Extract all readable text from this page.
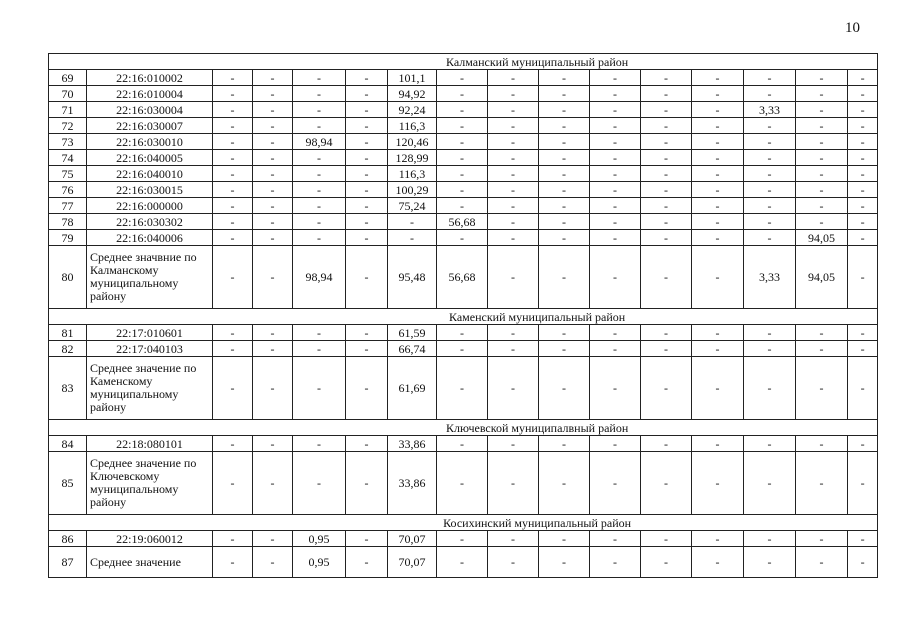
10
Калманский муниципальный район															
69	22:16:010002	-	-	-	-	101,1	-	-	-	-	-	-	-	-	-
70	22:16:010004	-	-	-	-	94,92	-	-	-	-	-	-	-	-	-
71	22:16:030004	-	-	-	-	92,24	-	-	-	-	-	-	3,33	-	-
72	22:16:030007	-	-	-	-	116,3	-	-	-	-	-	-	-	-	-
73	22:16:030010	-	-	98,94	-	120,46	-	-	-	-	-	-	-	-	-
74	22:16:040005	-	-	-	-	128,99	-	-	-	-	-	-	-	-	-
75	22:16:040010	-	-	-	-	116,3	-	-	-	-	-	-	-	-	-
76	22:16:030015	-	-	-	-	100,29	-	-	-	-	-	-	-	-	-
77	22:16:000000	-	-	-	-	75,24	-	-	-	-	-	-	-	-	-
78	22:16:030302	-	-	-	-	-	56,68	-	-	-	-	-	-	-	-
79	22:16:040006	-	-	-	-	-	-	-	-	-	-	-	-	94,05	-
80	Среднее значвние по Калманскому муниципальному району	-	-	98,94	-	95,48	56,68	-	-	-	-	-	3,33	94,05	-
Каменский муниципальный район															
81	22:17:010601	-	-	-	-	61,59	-	-	-	-	-	-	-	-	-
82	22:17:040103	-	-	-	-	66,74	-	-	-	-	-	-	-	-	-
83	Среднее значение по Каменскому муниципальному району	-	-	-	-	61,69	-	-	-	-	-	-	-	-	-
Ключевской муниципалвный район															
84	22:18:080101	-	-	-	-	33,86	-	-	-	-	-	-	-	-	-
85	Среднее значение по Ключевскому муниципальному району	-	-	-	-	33,86	-	-	-	-	-	-	-	-	-
Косихинский муниципальный район															
86	22:19:060012	-	-	0,95	-	70,07	-	-	-	-	-	-	-	-	-
87	Среднее значение	-	-	0,95	-	70,07	-	-	-	-	-	-	-	-	-
